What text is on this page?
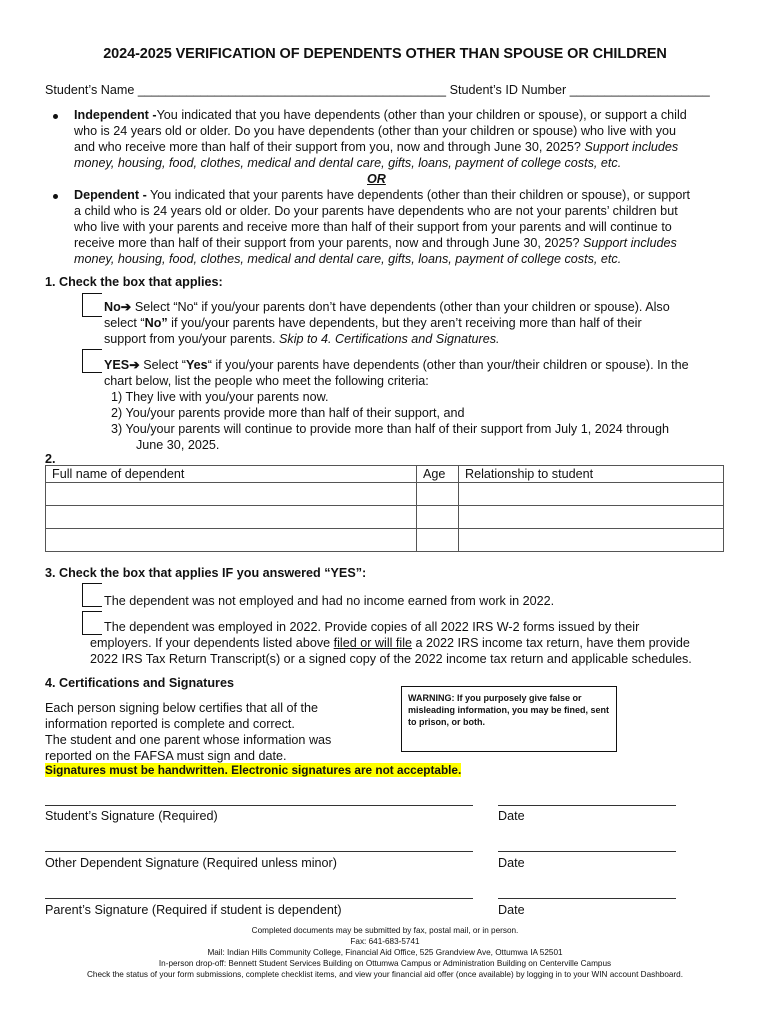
2024-2025 VERIFICATION OF DEPENDENTS OTHER THAN SPOUSE OR CHILDREN
Student’s Name ____________________________________________ Student’s ID Number ____________________
Independent -You indicated that you have dependents (other than your children or spouse), or support a child
who is 24 years old or older. Do you have dependents (other than your children or spouse) who live with you
and who receive more than half of their support from you, now and through June 30, 2025? Support includes
money, housing, food, clothes, medical and dental care, gifts, loans, payment of college costs, etc.
OR
Dependent - You indicated that your parents have dependents (other than their children or spouse), or support
a child who is 24 years old or older. Do your parents have dependents who are not your parents’ children but
who live with your parents and receive more than half of their support from your parents and will continue to
receive more than half of their support from your parents, now and through June 30, 2025? Support includes
money, housing, food, clothes, medical and dental care, gifts, loans, payment of college costs, etc.
1. Check the box that applies:
No➔ Select “No“ if you/your parents don’t have dependents (other than your children or spouse). Also
select “No” if you/your parents have dependents, but they aren’t receiving more than half of their
support from you/your parents. Skip to 4. Certifications and Signatures.
YES➔ Select “Yes“ if you/your parents have dependents (other than your/their children or spouse). In the
chart below, list the people who meet the following criteria:
1) They live with you/your parents now.
2) You/your parents provide more than half of their support, and
3) You/your parents will continue to provide more than half of their support from July 1, 2024 through
June 30, 2025.
2.
Full name of dependent	Age	Relationship to student

3. Check the box that applies IF you answered “YES”:
The dependent was not employed and had no income earned from work in 2022.
The dependent was employed in 2022. Provide copies of all 2022 IRS W-2 forms issued by their
employers. If your dependents listed above filed or will file a 2022 IRS income tax return, have them provide
2022 IRS Tax Return Transcript(s) or a signed copy of the 2022 income tax return and applicable schedules.
4. Certifications and Signatures
Each person signing below certifies that all of the
information reported is complete and correct.
The student and one parent whose information was
reported on the FAFSA must sign and date.
WARNING: If you purposely give false or misleading information, you may be fined, sent to prison, or both.
Signatures must be handwritten. Electronic signatures are not acceptable.
Student’s Signature (Required)	Date
Other Dependent Signature (Required unless minor)	Date
Parent’s Signature (Required if student is dependent)	Date
Completed documents may be submitted by fax, postal mail, or in person.
Fax: 641-683-5741
Mail: Indian Hills Community College, Financial Aid Office, 525 Grandview Ave, Ottumwa IA 52501
In-person drop-off: Bennett Student Services Building on Ottumwa Campus or Administration Building on Centerville Campus
Check the status of your form submissions, complete checklist items, and view your financial aid offer (once available) by logging in to your WIN account Dashboard.
